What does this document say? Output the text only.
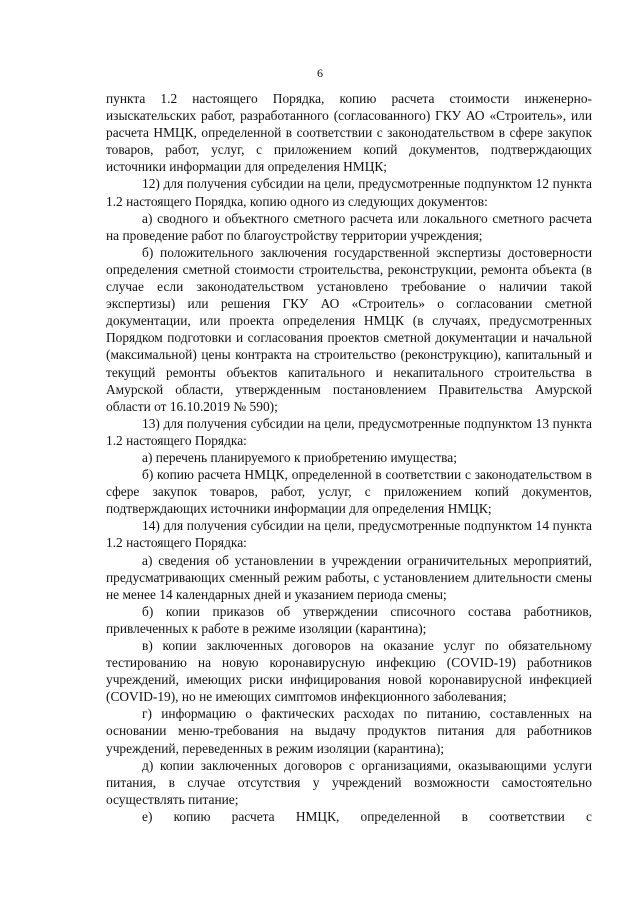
6

пункта 1.2 настоящего Порядка, копию расчета стоимости инженерно-изыскательских работ, разработанного (согласованного) ГКУ АО «Строитель», или расчета НМЦК, определенной в соответствии с законодательством в сфере закупок товаров, работ, услуг, с приложением копий документов, подтверждающих источники информации для определения НМЦК;

12) для получения субсидии на цели, предусмотренные подпунктом 12 пункта 1.2 настоящего Порядка, копию одного из следующих документов:

а) сводного и объектного сметного расчета или локального сметного расчета на проведение работ по благоустройству территории учреждения;

б) положительного заключения государственной экспертизы достоверности определения сметной стоимости строительства, реконструкции, ремонта объекта (в случае если законодательством установлено требование о наличии такой экспертизы) или решения ГКУ АО «Строитель» о согласовании сметной документации, или проекта определения НМЦК (в случаях, предусмотренных Порядком подготовки и согласования проектов сметной документации и начальной (максимальной) цены контракта на строительство (реконструкцию), капитальный и текущий ремонты объектов капитального и некапитального строительства в Амурской области, утвержденным постановлением Правительства Амурской области от 16.10.2019 № 590);

13) для получения субсидии на цели, предусмотренные подпунктом 13 пункта 1.2 настоящего Порядка:

а) перечень планируемого к приобретению имущества;

б) копию расчета НМЦК, определенной в соответствии с законодательством в сфере закупок товаров, работ, услуг, с приложением копий документов, подтверждающих источники информации для определения НМЦК;

14) для получения субсидии на цели, предусмотренные подпунктом 14 пункта 1.2 настоящего Порядка:

а) сведения об установлении в учреждении ограничительных мероприятий, предусматривающих сменный режим работы, с установлением длительности смены не менее 14 календарных дней и указанием периода смены;

б) копии приказов об утверждении списочного состава работников, привлеченных к работе в режиме изоляции (карантина);

в) копии заключенных договоров на оказание услуг по обязательному тестированию на новую коронавирусную инфекцию (COVID-19) работников учреждений, имеющих риски инфицирования новой коронавирусной инфекцией (COVID-19), но не имеющих симптомов инфекционного заболевания;

г) информацию о фактических расходах по питанию, составленных на основании меню-требования на выдачу продуктов питания для работников учреждений, переведенных в режим изоляции (карантина);

д) копии заключенных договоров с организациями, оказывающими услуги питания, в случае отсутствия у учреждений возможности самостоятельно осуществлять питание;

е) копию расчета НМЦК, определенной в соответствии с
